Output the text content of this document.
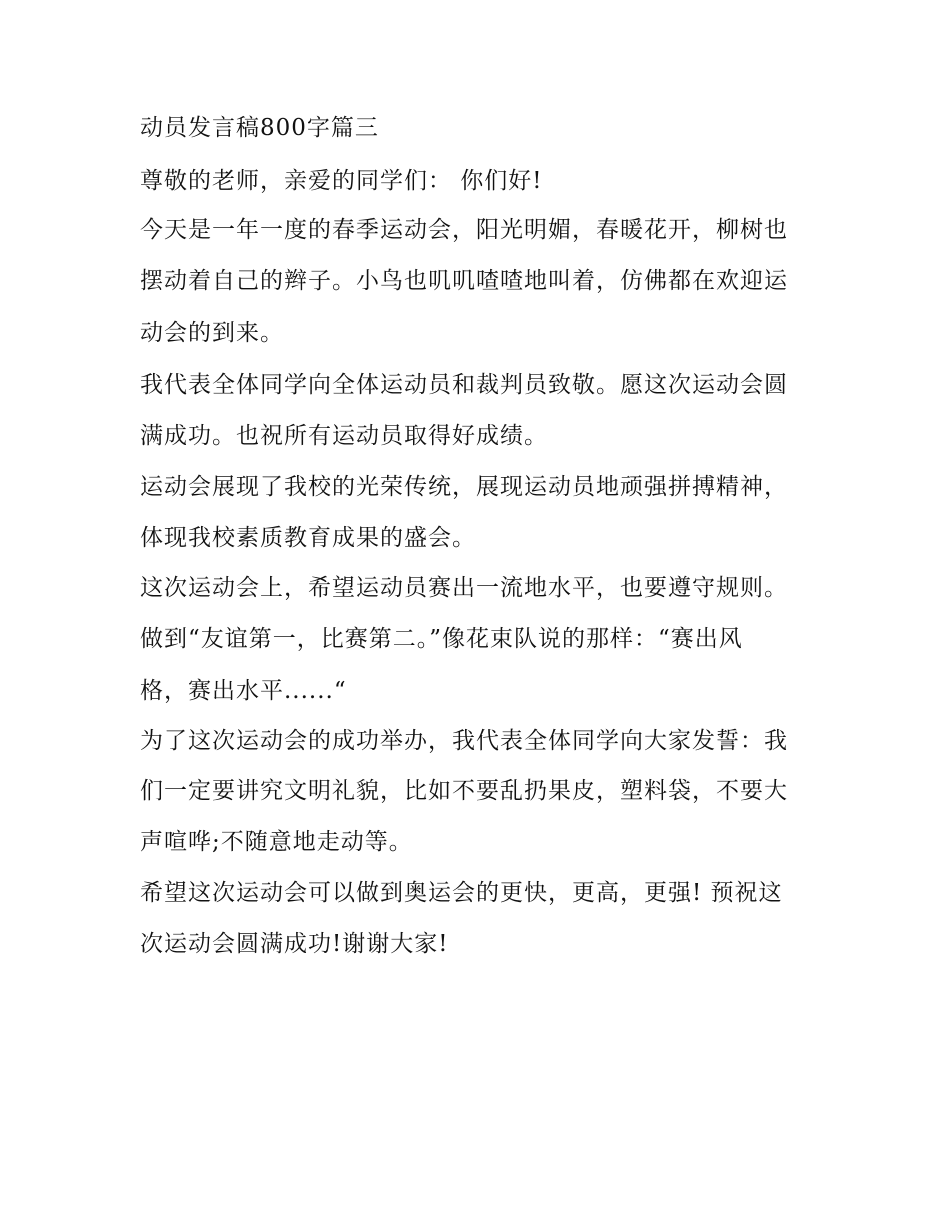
动员发言稿800字篇三

尊敬的老师，亲爱的同学们： 你们好!

今天是一年一度的春季运动会，阳光明媚，春暖花开，柳树也

摆动着自己的辫子。小鸟也叽叽喳喳地叫着，仿佛都在欢迎运

动会的到来。

我代表全体同学向全体运动员和裁判员致敬。愿这次运动会圆

满成功。也祝所有运动员取得好成绩。

运动会展现了我校的光荣传统，展现运动员地顽强拼搏精神，

体现我校素质教育成果的盛会。

这次运动会上，希望运动员赛出一流地水平，也要遵守规则。

做到“友谊第一，比赛第二。”像花束队说的那样：“赛出风

格，赛出水平......“

为了这次运动会的成功举办，我代表全体同学向大家发誓：我

们一定要讲究文明礼貌，比如不要乱扔果皮，塑料袋，不要大

声喧哗;不随意地走动等。

希望这次运动会可以做到奥运会的更快，更高，更强! 预祝这

次运动会圆满成功!谢谢大家!
